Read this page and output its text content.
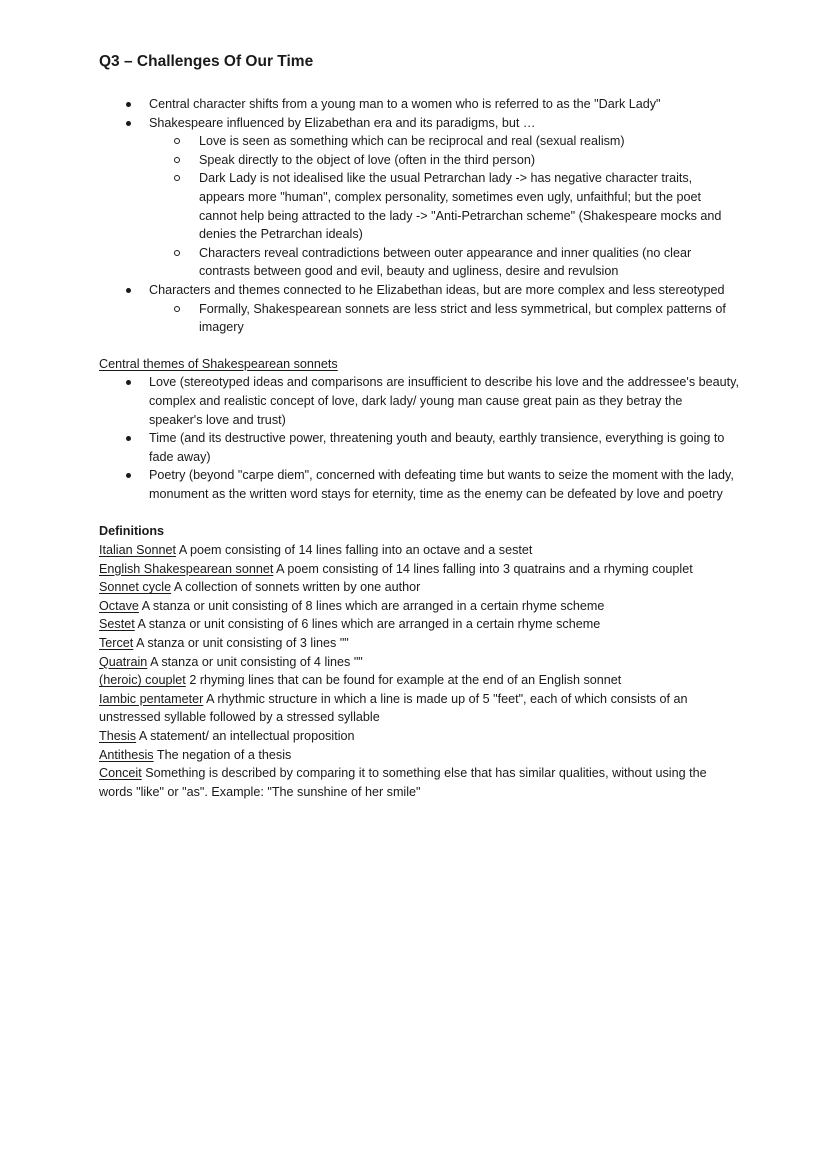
Q3 – Challenges Of Our Time
Central character shifts from a young man to a women who is referred to as the "Dark Lady"
Shakespeare influenced by Elizabethan era and its paradigms, but …
Love is seen as something which can be reciprocal and real (sexual realism)
Speak directly to the object of love (often in the third person)
Dark Lady is not idealised like the usual Petrarchan lady -> has negative character traits, appears more "human", complex personality, sometimes even ugly, unfaithful; but the poet cannot help being attracted to the lady -> "Anti-Petrarchan scheme" (Shakespeare mocks and denies the Petrarchan ideals)
Characters reveal contradictions between outer appearance and inner qualities (no clear contrasts between good and evil, beauty and ugliness, desire and revulsion
Characters and themes connected to he Elizabethan ideas, but are more complex and less stereotyped
Formally, Shakespearean sonnets are less strict and less symmetrical, but complex patterns of imagery
Central themes of Shakespearean sonnets
Love (stereotyped ideas and comparisons are insufficient to describe his love and the addressee's beauty, complex and realistic concept of love, dark lady/ young man cause great pain as they betray the speaker's love and trust)
Time (and its destructive power, threatening youth and beauty, earthly transience, everything is going to fade away)
Poetry (beyond "carpe diem", concerned with defeating time but wants to seize the moment with the lady, monument as the written word stays for eternity, time as the enemy can be defeated by love and poetry
Definitions

Italian Sonnet A poem consisting of 14 lines falling into an octave and a sestet

English Shakespearean sonnet A poem consisting of 14 lines falling into 3 quatrains and a rhyming couplet

Sonnet cycle A collection of sonnets written by one author

Octave A stanza or unit consisting of 8 lines which are arranged in a certain rhyme scheme

Sestet A stanza or unit consisting of 6 lines which are arranged in a certain rhyme scheme

Tercet A stanza or unit consisting of 3 lines ""

Quatrain A stanza or unit consisting of 4 lines ""

(heroic) couplet 2 rhyming lines that can be found for example at the end of an English sonnet

Iambic pentameter A rhythmic structure in which a line is made up of 5 "feet", each of which consists of an unstressed syllable followed by a stressed syllable

Thesis A statement/ an intellectual proposition

Antithesis The negation of a thesis

Conceit Something is described by comparing it to something else that has similar qualities, without using the words "like" or "as". Example: "The sunshine of her smile"
